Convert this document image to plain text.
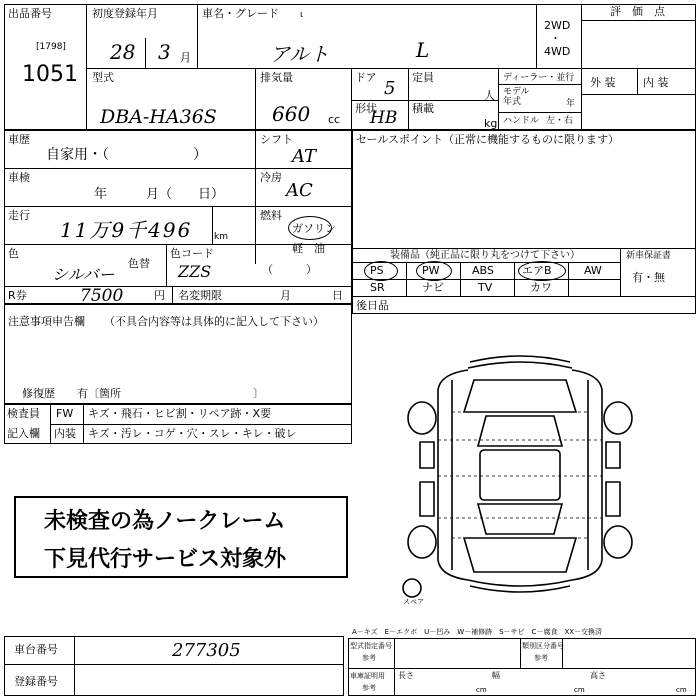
出品番号
[1798]
1051
初度登録年月
28 3 月
車名・グレード ι
アルト	L
2WD
・
4WD
評　価　点
型式
DBA-HA36S
排気量
660 cc
ドア
5
定員
人
形状
HB 積載
kg
ディーラー・並行
モデル
年式	年
ハンドル 左・右
外 装	内 装
車歴
自家用・（　　　　　　）
シフト
AT
車検
年　　　月（　　日）
冷房
AC
走行
11万9千496 km
燃料
ガソリン
軽　油
（　　　）
色
シルバー
色替
色コード
ZZS
R券	7500	円 名変期限	月	日
注意事項申告欄 （不具合内容等は具体的に記入して下さい）
修復歴　　有〔箇所　　　　　　　　　　　　〕
検査員
記入欄
FW キズ・飛石・ヒビ割・リペア跡・X要
内装 キズ・汚レ・コゲ・穴・スレ・キレ・破レ
未検査の為ノークレーム
下見代行サービス対象外
セールスポイント（正常に機能するものに限ります）
装備品（純正品に限り丸をつけて下さい）	新車保証書
有・無
PS	PW	ABS	エアB	AW
SR	ナビ	TV	カワ
後日品
スペア
A－キズ　E－エクボ　U－凹み　W－補修跡　S－サビ　C－腐食　XX－交換済
車台番号	277305
登録番号
型式指定番号
参考
類別区分番号
参考
車庫証明用
参考
長さ
cm
幅
cm
高さ
cm
